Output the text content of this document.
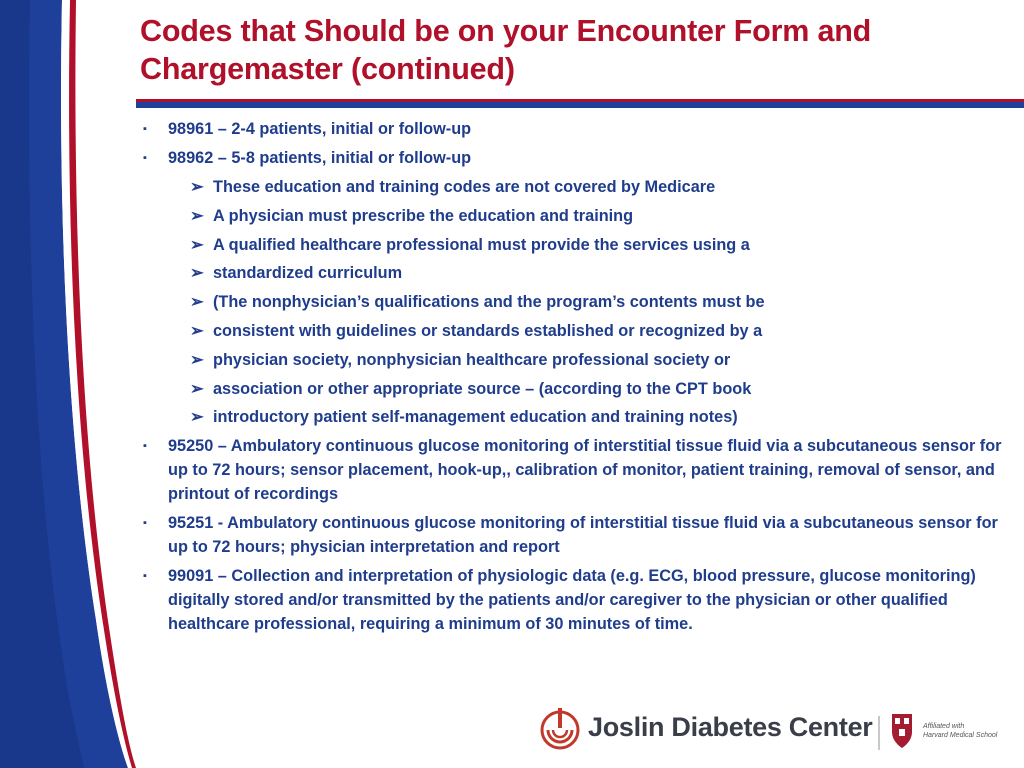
Codes that Should be on your Encounter Form and Chargemaster (continued)
▪ 98961 – 2-4 patients, initial or follow-up
▪ 98962 – 5-8 patients, initial or follow-up
➢ These education and training codes are not covered by Medicare
➢ A physician must prescribe the education and training
➢ A qualified healthcare professional must provide the services using a
➢ standardized curriculum
➢ (The nonphysician’s qualifications and the program’s contents must be
➢ consistent with guidelines or standards established or recognized by a
➢ physician society, nonphysician healthcare professional society or
➢ association or other appropriate source – (according to the CPT book
➢ introductory patient self-management education and training notes)
▪ 95250 – Ambulatory continuous glucose monitoring of interstitial tissue fluid via a subcutaneous sensor for up to 72 hours; sensor placement, hook-up,, calibration of monitor, patient training, removal of sensor, and printout of recordings
▪ 95251 - Ambulatory continuous glucose monitoring of interstitial tissue fluid via a subcutaneous sensor for up to 72 hours; physician interpretation and report
▪ 99091 – Collection and interpretation of physiologic data (e.g. ECG, blood pressure, glucose monitoring) digitally stored and/or transmitted by the patients and/or caregiver to the physician or other qualified healthcare professional, requiring a minimum of 30 minutes of time.
Joslin Diabetes Center	Affiliated with
Harvard Medical School
